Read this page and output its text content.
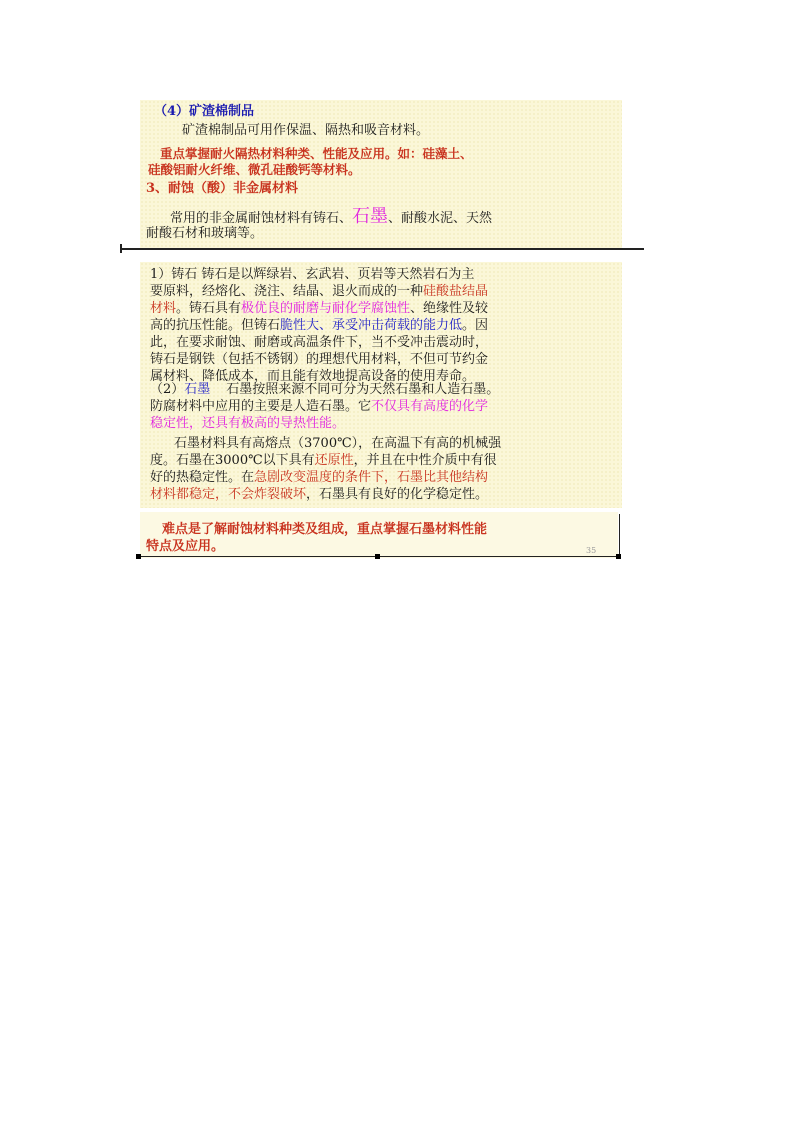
（4）矿渣棉制品
矿渣棉制品可用作保温、隔热和吸音材料。
重点掌握耐火隔热材料种类、性能及应用。如：硅藻土、
硅酸铝耐火纤维、微孔硅酸钙等材料。
3、耐蚀（酸）非金属材料
常用的非金属耐蚀材料有铸石、石墨、耐酸水泥、天然
耐酸石材和玻璃等。
1）铸石 铸石是以辉绿岩、玄武岩、页岩等天然岩石为主
要原料，经熔化、浇注、结晶、退火而成的一种硅酸盐结晶
材料。铸石具有极优良的耐磨与耐化学腐蚀性、绝缘性及较
高的抗压性能。但铸石脆性大、承受冲击荷载的能力低。因
此，在要求耐蚀、耐磨或高温条件下，当不受冲击震动时，
铸石是钢铁（包括不锈钢）的理想代用材料，不但可节约金
属材料、降低成本，而且能有效地提高设备的使用寿命。
（2）石墨 石墨按照来源不同可分为天然石墨和人造石墨。
防腐材料中应用的主要是人造石墨。它不仅具有高度的化学
稳定性，还具有极高的导热性能。
石墨材料具有高熔点（3700℃），在高温下有高的机械强
度。石墨在3000℃以下具有还原性，并且在中性介质中有很
好的热稳定性。在急剧改变温度的条件下，石墨比其他结构
材料都稳定，不会炸裂破坏，石墨具有良好的化学稳定性。
难点是了解耐蚀材料种类及组成，重点掌握石墨材料性能
特点及应用。	35
